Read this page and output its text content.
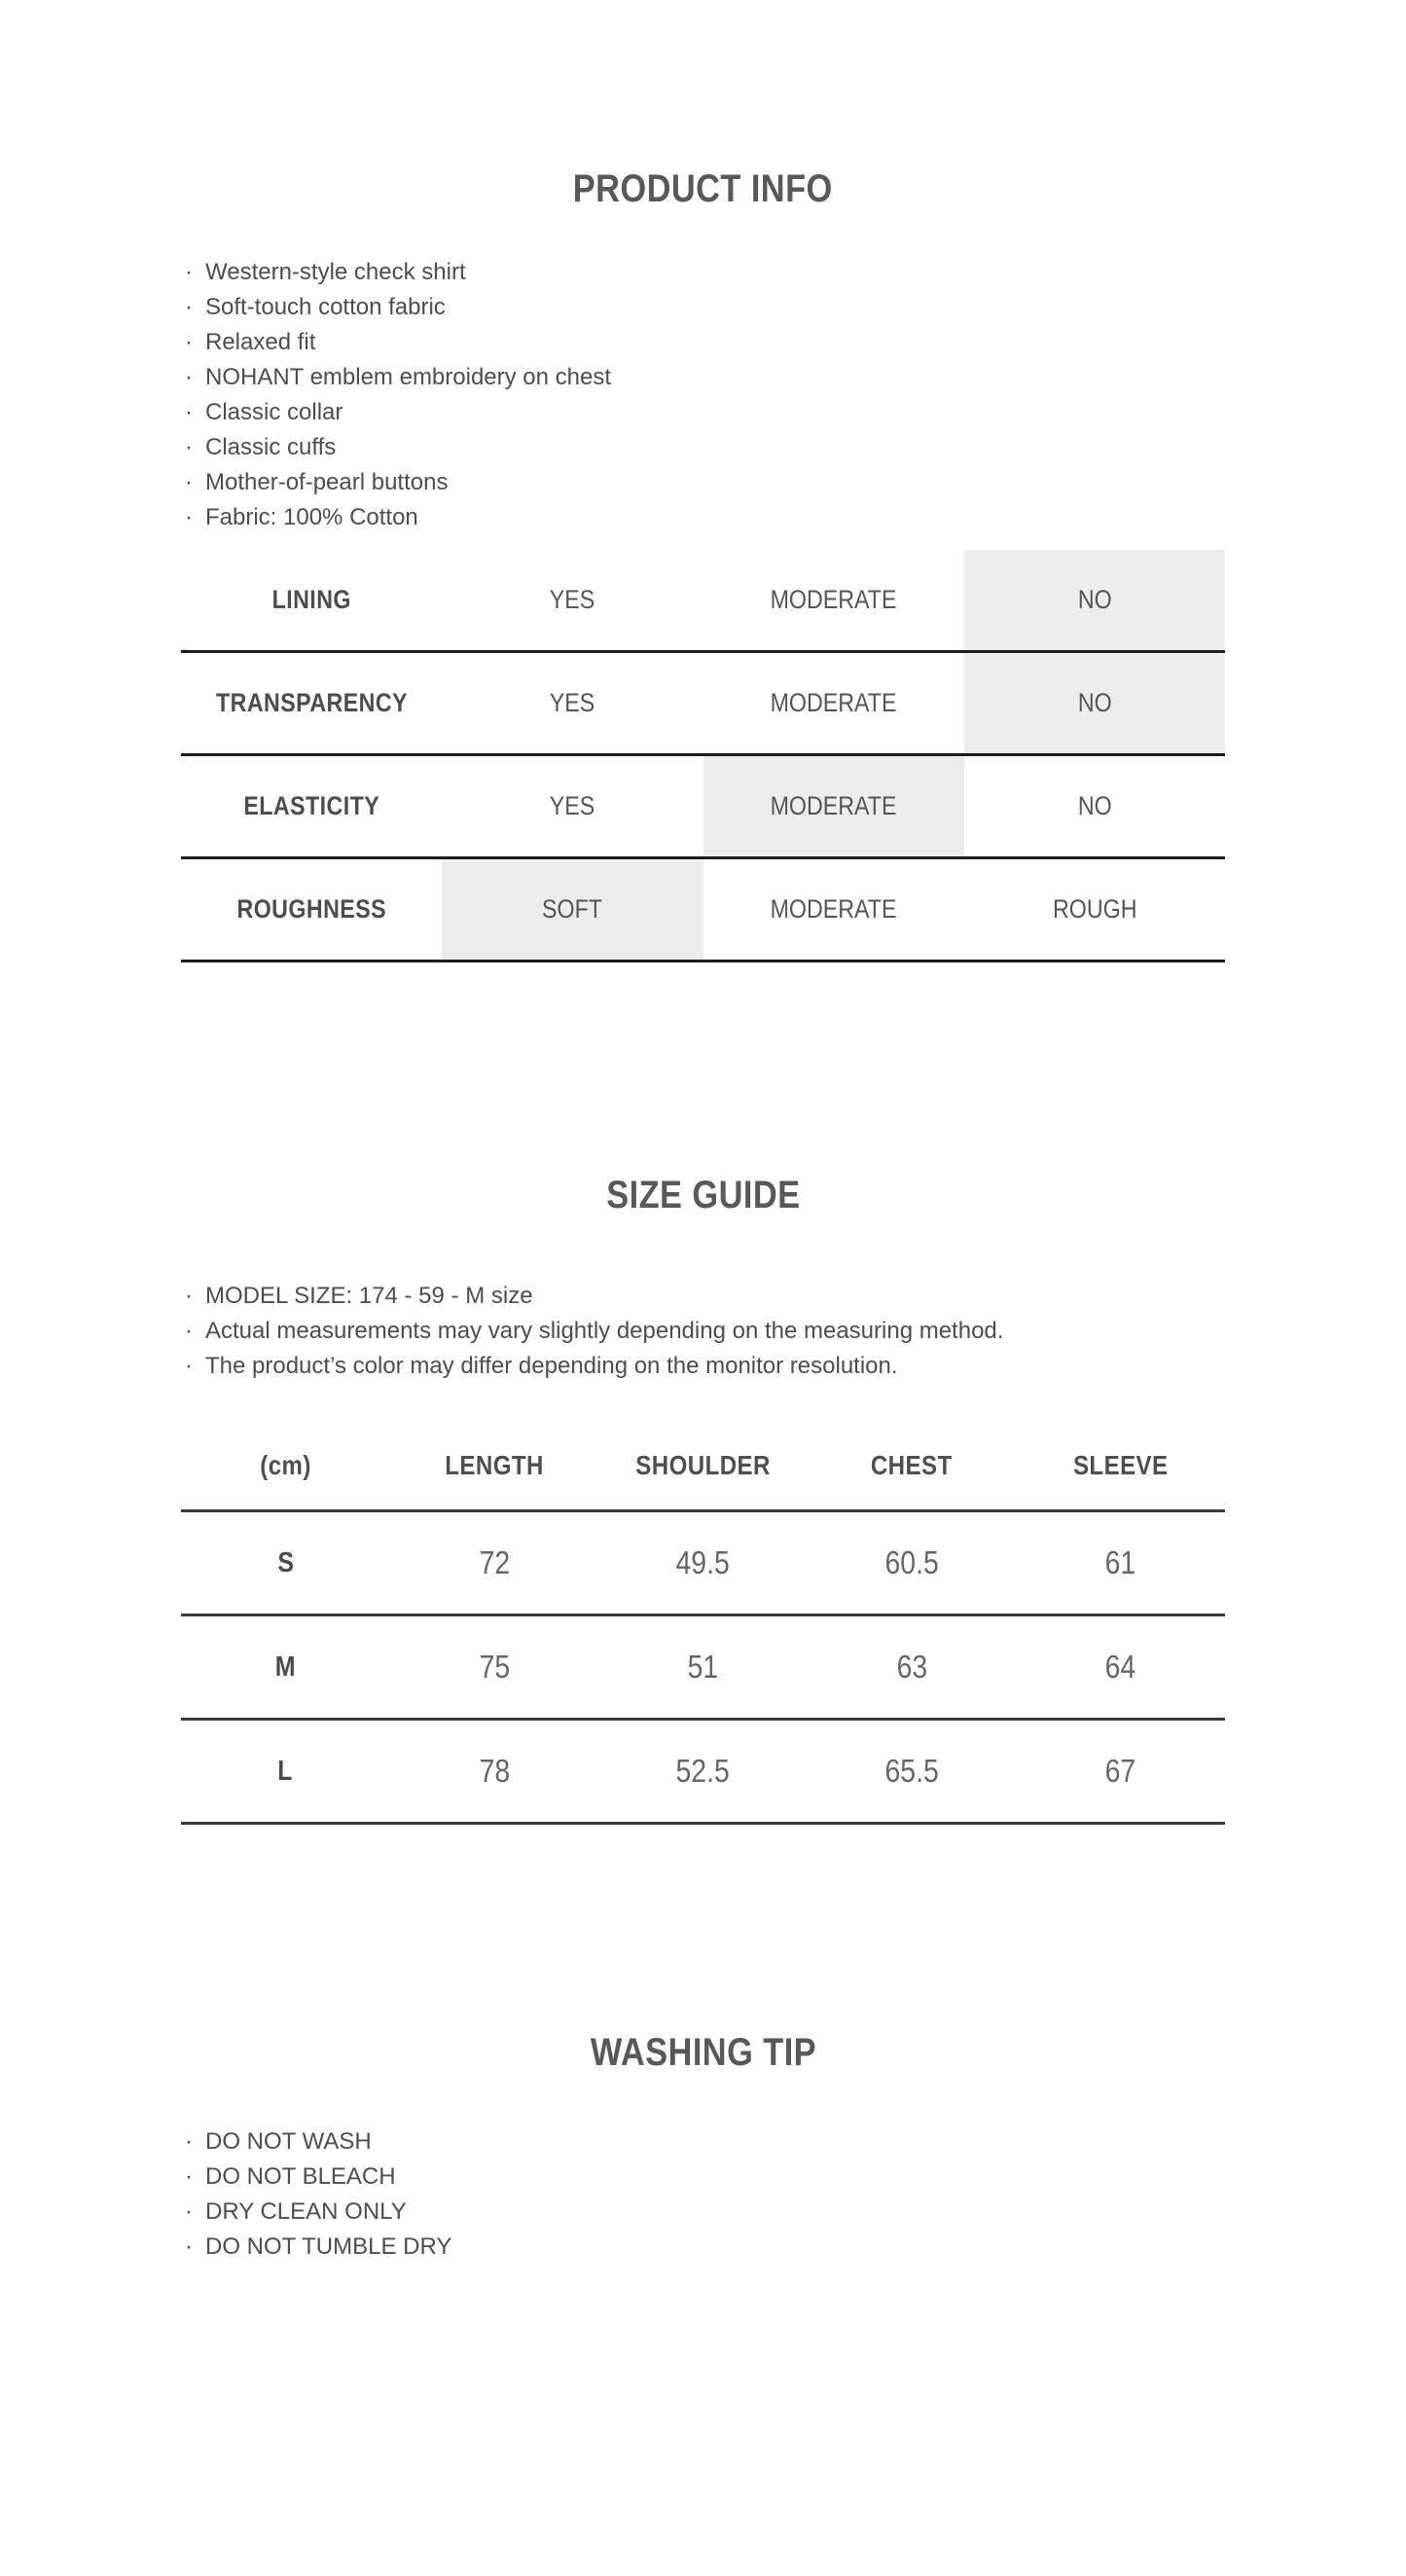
PRODUCT INFO
· Western-style check shirt
· Soft-touch cotton fabric
· Relaxed fit
· NOHANT emblem embroidery on chest
· Classic collar
· Classic cuffs
· Mother-of-pearl buttons
· Fabric: 100% Cotton
LINING	YES	MODERATE	NO
TRANSPARENCY	YES	MODERATE	NO
ELASTICITY	YES	MODERATE	NO
ROUGHNESS	SOFT	MODERATE	ROUGH
SIZE GUIDE
· MODEL SIZE: 174 - 59 - M size
· Actual measurements may vary slightly depending on the measuring method.
· The product’s color may differ depending on the monitor resolution.
(cm)	LENGTH	SHOULDER	CHEST	SLEEVE
S	72	49.5	60.5	61
M	75	51	63	64
L	78	52.5	65.5	67
WASHING TIP
· DO NOT WASH
· DO NOT BLEACH
· DRY CLEAN ONLY
· DO NOT TUMBLE DRY
